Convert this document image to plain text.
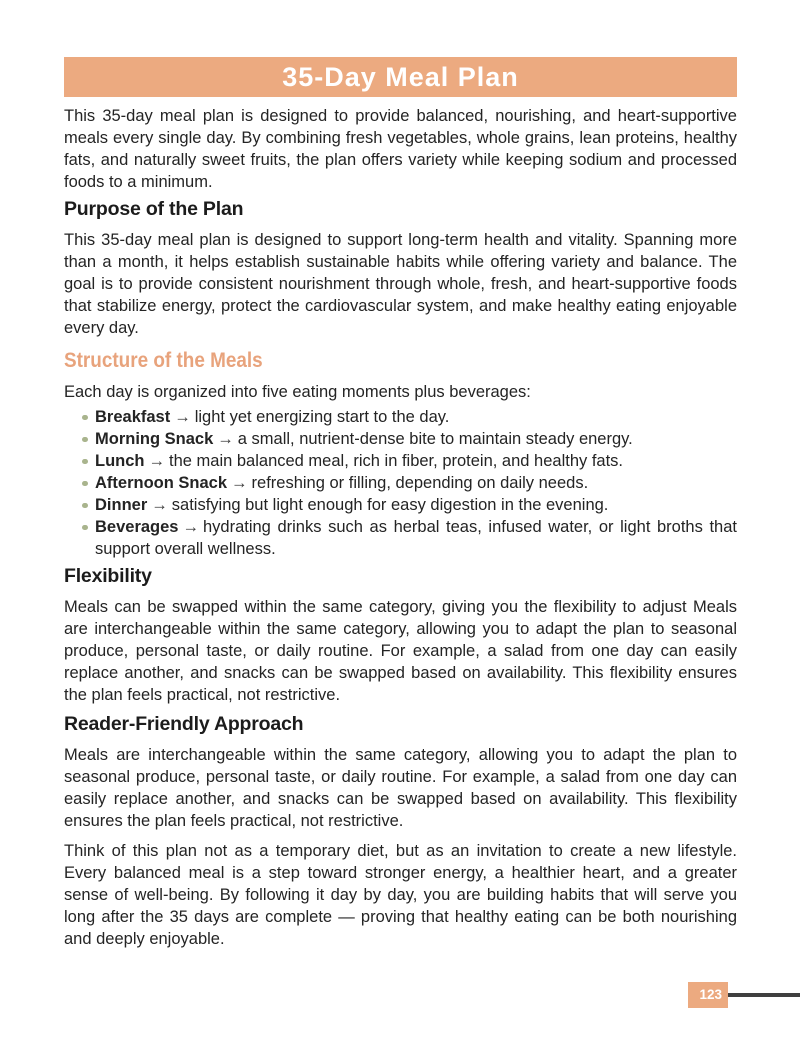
35-Day Meal Plan

This 35-day meal plan is designed to provide balanced, nourishing, and heart-supportive meals every single day. By combining fresh vegetables, whole grains, lean proteins, healthy fats, and naturally sweet fruits, the plan offers variety while keeping sodium and processed foods to a minimum.

Purpose of the Plan

This 35-day meal plan is designed to support long-term health and vitality. Spanning more than a month, it helps establish sustainable habits while offering variety and balance. The goal is to provide consistent nourishment through whole, fresh, and heart-supportive foods that stabilize energy, protect the cardiovascular system, and make healthy eating enjoyable every day.

Structure of the Meals

Each day is organized into five eating moments plus beverages:

Breakfast → light yet energizing start to the day.
Morning Snack → a small, nutrient-dense bite to maintain steady energy.
Lunch → the main balanced meal, rich in fiber, protein, and healthy fats.
Afternoon Snack → refreshing or filling, depending on daily needs.
Dinner → satisfying but light enough for easy digestion in the evening.
Beverages → hydrating drinks such as herbal teas, infused water, or light broths that support overall wellness.
Flexibility

Meals can be swapped within the same category, giving you the flexibility to adjust Meals are interchangeable within the same category, allowing you to adapt the plan to seasonal produce, personal taste, or daily routine. For example, a salad from one day can easily replace another, and snacks can be swapped based on availability. This flexibility ensures the plan feels practical, not restrictive.

Reader-Friendly Approach

Meals are interchangeable within the same category, allowing you to adapt the plan to seasonal produce, personal taste, or daily routine. For example, a salad from one day can easily replace another, and snacks can be swapped based on availability. This flexibility ensures the plan feels practical, not restrictive.

Think of this plan not as a temporary diet, but as an invitation to create a new lifestyle. Every balanced meal is a step toward stronger energy, a healthier heart, and a greater sense of well-being. By following it day by day, you are building habits that will serve you long after the 35 days are complete — proving that healthy eating can be both nourishing and deeply enjoyable.

123
